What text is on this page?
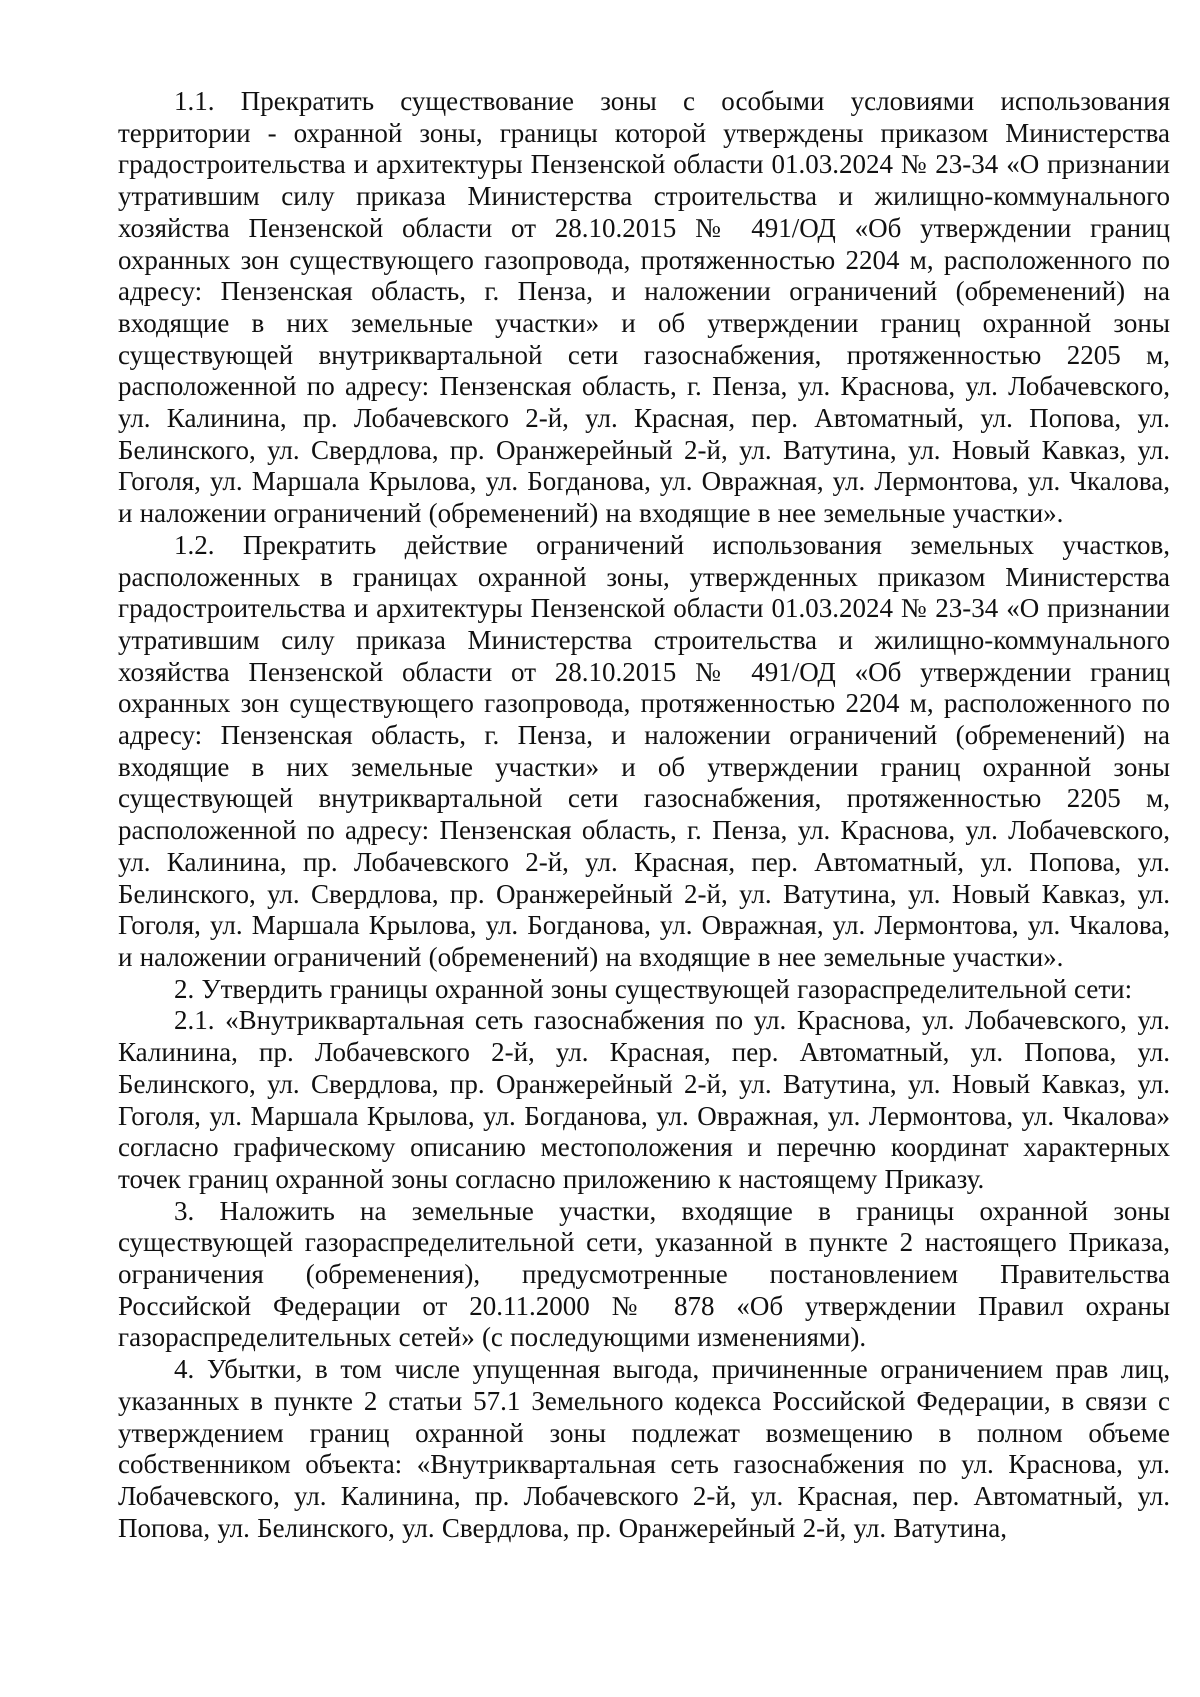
1.1. Прекратить существование зоны с особыми условиями использования территории - охранной зоны, границы которой утверждены приказом Министерства градостроительства и архитектуры Пензенской области 01.03.2024 № 23-34 «О признании утратившим силу приказа Министерства строительства и жилищно-коммунального хозяйства Пензенской области от 28.10.2015 № 491/ОД «Об утверждении границ охранных зон существующего газопровода, протяженностью 2204 м, расположенного по адресу: Пензенская область, г. Пенза, и наложении ограничений (обременений) на входящие в них земельные участки» и об утверждении границ охранной зоны существующей внутриквартальной сети газоснабжения, протяженностью 2205 м, расположенной по адресу: Пензенская область, г. Пенза, ул. Краснова, ул. Лобачевского, ул. Калинина, пр. Лобачевского 2-й, ул. Красная, пер. Автоматный, ул. Попова, ул. Белинского, ул. Свердлова, пр. Оранжерейный 2-й, ул. Ватутина, ул. Новый Кавказ, ул. Гоголя, ул. Маршала Крылова, ул. Богданова, ул. Овражная, ул. Лермонтова, ул. Чкалова, и наложении ограничений (обременений) на входящие в нее земельные участки».

1.2. Прекратить действие ограничений использования земельных участков, расположенных в границах охранной зоны, утвержденных приказом Министерства градостроительства и архитектуры Пензенской области 01.03.2024 № 23-34 «О признании утратившим силу приказа Министерства строительства и жилищно-коммунального хозяйства Пензенской области от 28.10.2015 № 491/ОД «Об утверждении границ охранных зон существующего газопровода, протяженностью 2204 м, расположенного по адресу: Пензенская область, г. Пенза, и наложении ограничений (обременений) на входящие в них земельные участки» и об утверждении границ охранной зоны существующей внутриквартальной сети газоснабжения, протяженностью 2205 м, расположенной по адресу: Пензенская область, г. Пенза, ул. Краснова, ул. Лобачевского, ул. Калинина, пр. Лобачевского 2-й, ул. Красная, пер. Автоматный, ул. Попова, ул. Белинского, ул. Свердлова, пр. Оранжерейный 2-й, ул. Ватутина, ул. Новый Кавказ, ул. Гоголя, ул. Маршала Крылова, ул. Богданова, ул. Овражная, ул. Лермонтова, ул. Чкалова, и наложении ограничений (обременений) на входящие в нее земельные участки».

2. Утвердить границы охранной зоны существующей газораспределительной сети:

2.1. «Внутриквартальная сеть газоснабжения по ул. Краснова, ул. Лобачевского, ул. Калинина, пр. Лобачевского 2-й, ул. Красная, пер. Автоматный, ул. Попова, ул. Белинского, ул. Свердлова, пр. Оранжерейный 2-й, ул. Ватутина, ул. Новый Кавказ, ул. Гоголя, ул. Маршала Крылова, ул. Богданова, ул. Овражная, ул. Лермонтова, ул. Чкалова» согласно графическому описанию местоположения и перечню координат характерных точек границ охранной зоны согласно приложению к настоящему Приказу.

3. Наложить на земельные участки, входящие в границы охранной зоны существующей газораспределительной сети, указанной в пункте 2 настоящего Приказа, ограничения (обременения), предусмотренные постановлением Правительства Российской Федерации от 20.11.2000 № 878 «Об утверждении Правил охраны газораспределительных сетей» (с последующими изменениями).

4. Убытки, в том числе упущенная выгода, причиненные ограничением прав лиц, указанных в пункте 2 статьи 57.1 Земельного кодекса Российской Федерации, в связи с утверждением границ охранной зоны подлежат возмещению в полном объеме собственником объекта: «Внутриквартальная сеть газоснабжения по ул. Краснова, ул. Лобачевского, ул. Калинина, пр. Лобачевского 2-й, ул. Красная, пер. Автоматный, ул. Попова, ул. Белинского, ул. Свердлова, пр. Оранжерейный 2-й, ул. Ватутина,
